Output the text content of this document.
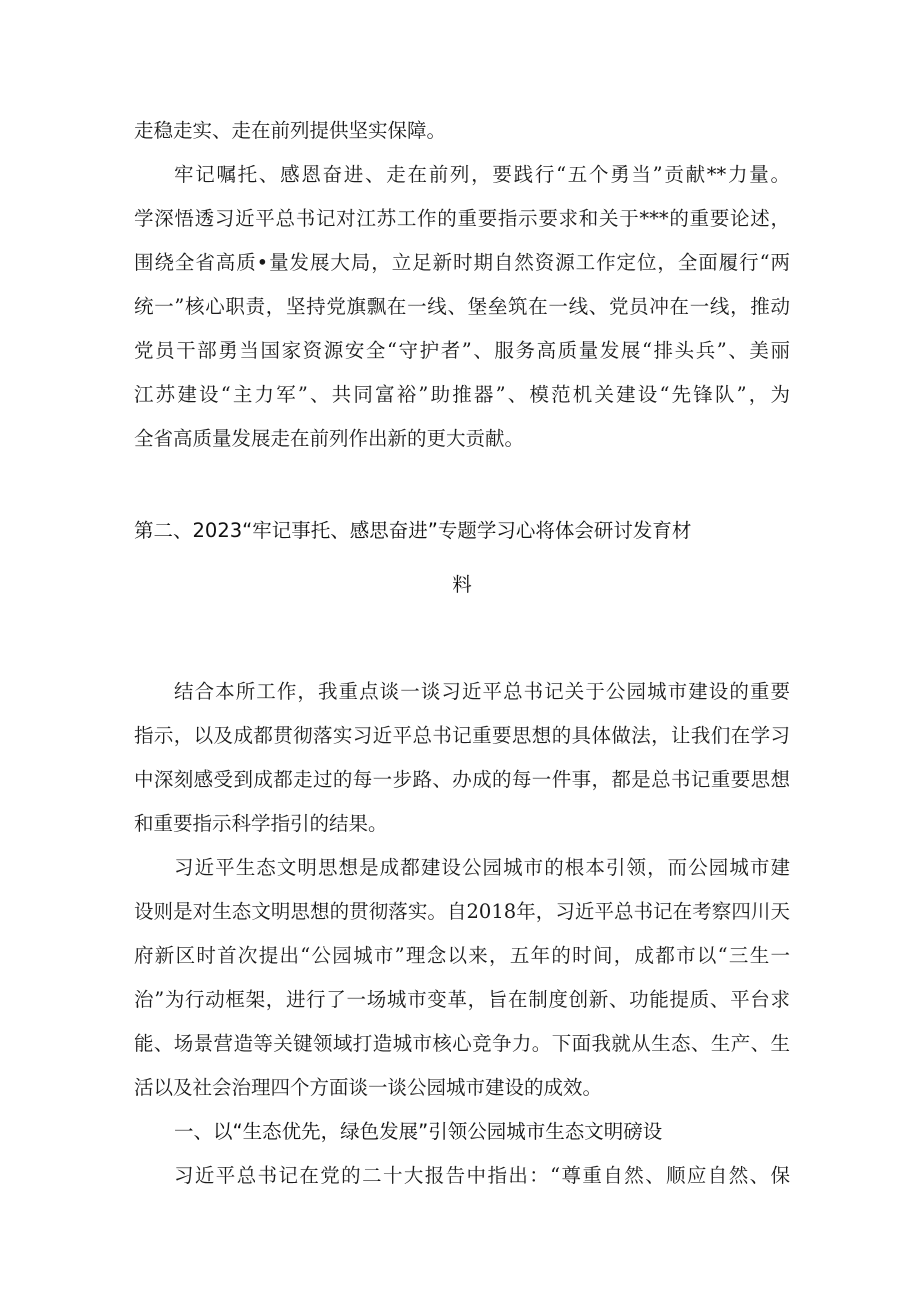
走稳走实、走在前列提供坚实保障。

牢记嘱托、感恩奋进、走在前列，要践行“五个勇当”贡献**力量。

学深悟透习近平总书记对江苏工作的重要指示要求和关于***的重要论述，

围绕全省高质•量发展大局，立足新时期自然资源工作定位，全面履行“两

统一”核心职责，坚持党旗飘在一线、堡垒筑在一线、党员冲在一线，推动

党员干部勇当国家资源安全“守护者”、服务高质量发展“排头兵”、美丽

江苏建设“主力军”、共同富裕”助推器”、模范机关建设“先锋队”，为

全省高质量发展走在前列作出新的更大贡献。

第二、2023“牢记事托、感思奋进”专题学习心将体会研讨发育材

料

结合本所工作，我重点谈一谈习近平总书记关于公园城市建设的重要

指示，以及成都贯彻落实习近平总书记重要思想的具体做法，让我们在学习

中深刻感受到成都走过的每一步路、办成的每一件事，都是总书记重要思想

和重要指示科学指引的结果。

习近平生态文明思想是成都建设公园城市的根本引领，而公园城市建

设则是对生态文明思想的贯彻落实。自2018年，习近平总书记在考察四川天

府新区时首次提出“公园城市”理念以来，五年的时间，成都市以“三生一

治”为行动框架，进行了一场城市变革，旨在制度创新、功能提质、平台求

能、场景营造等关键领域打造城市核心竞争力。下面我就从生态、生产、生

活以及社会治理四个方面谈一谈公园城市建设的成效。

一、以“生态优先，绿色发展”引领公园城市生态文明磅设

习近平总书记在党的二十大报告中指出：“尊重自然、顺应自然、保
